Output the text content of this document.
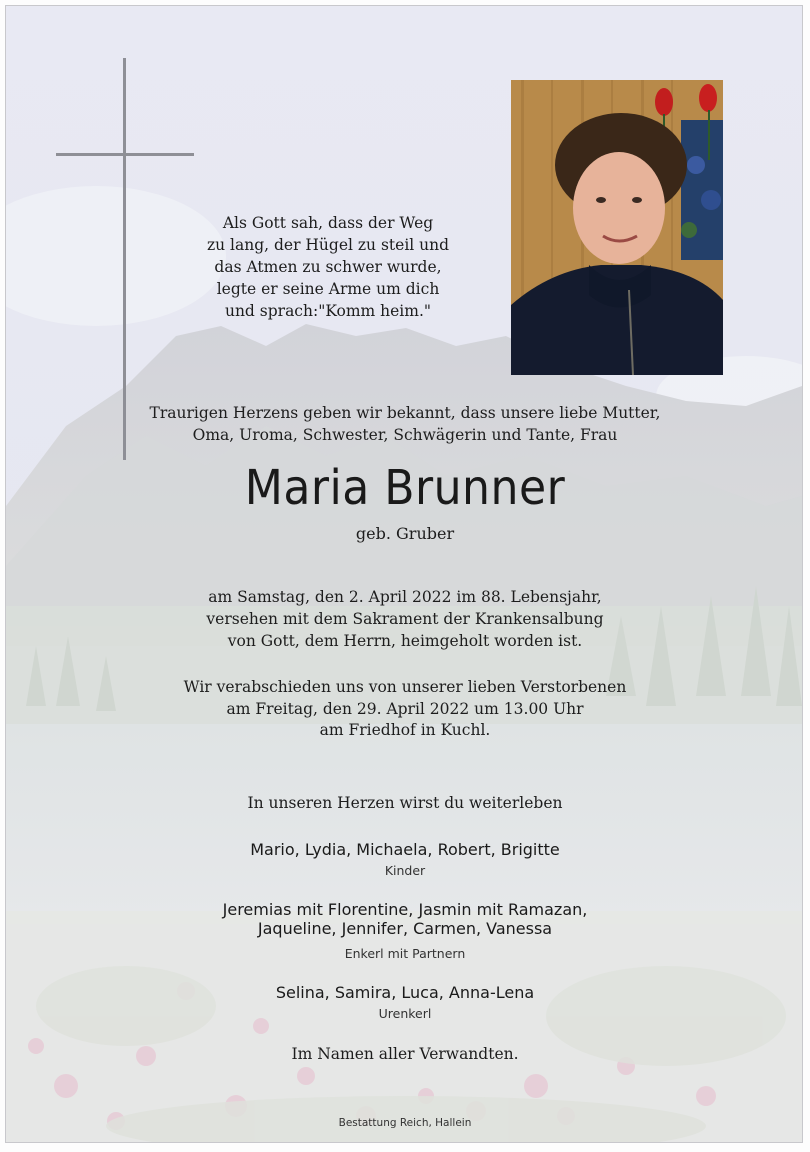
Als Gott sah, dass der Weg
zu lang, der Hügel zu steil und
das Atmen zu schwer wurde,
legte er seine Arme um dich
und sprach:"Komm heim."
Traurigen Herzens geben wir bekannt, dass unsere liebe Mutter,
Oma, Uroma, Schwester, Schwägerin und Tante, Frau
Maria Brunner
geb. Gruber
am Samstag, den 2. April 2022 im 88. Lebensjahr,
versehen mit dem Sakrament der Krankensalbung
von Gott, dem Herrn, heimgeholt worden ist.
Wir verabschieden uns von unserer lieben Verstorbenen
am Freitag, den 29. April 2022 um 13.00 Uhr
am Friedhof in Kuchl.
In unseren Herzen wirst du weiterleben
Mario, Lydia, Michaela, Robert, Brigitte
Kinder
Jeremias mit Florentine, Jasmin mit Ramazan,
Jaqueline, Jennifer, Carmen, Vanessa
Enkerl mit Partnern
Selina, Samira, Luca, Anna-Lena
Urenkerl
Im Namen aller Verwandten.
Bestattung Reich, Hallein
